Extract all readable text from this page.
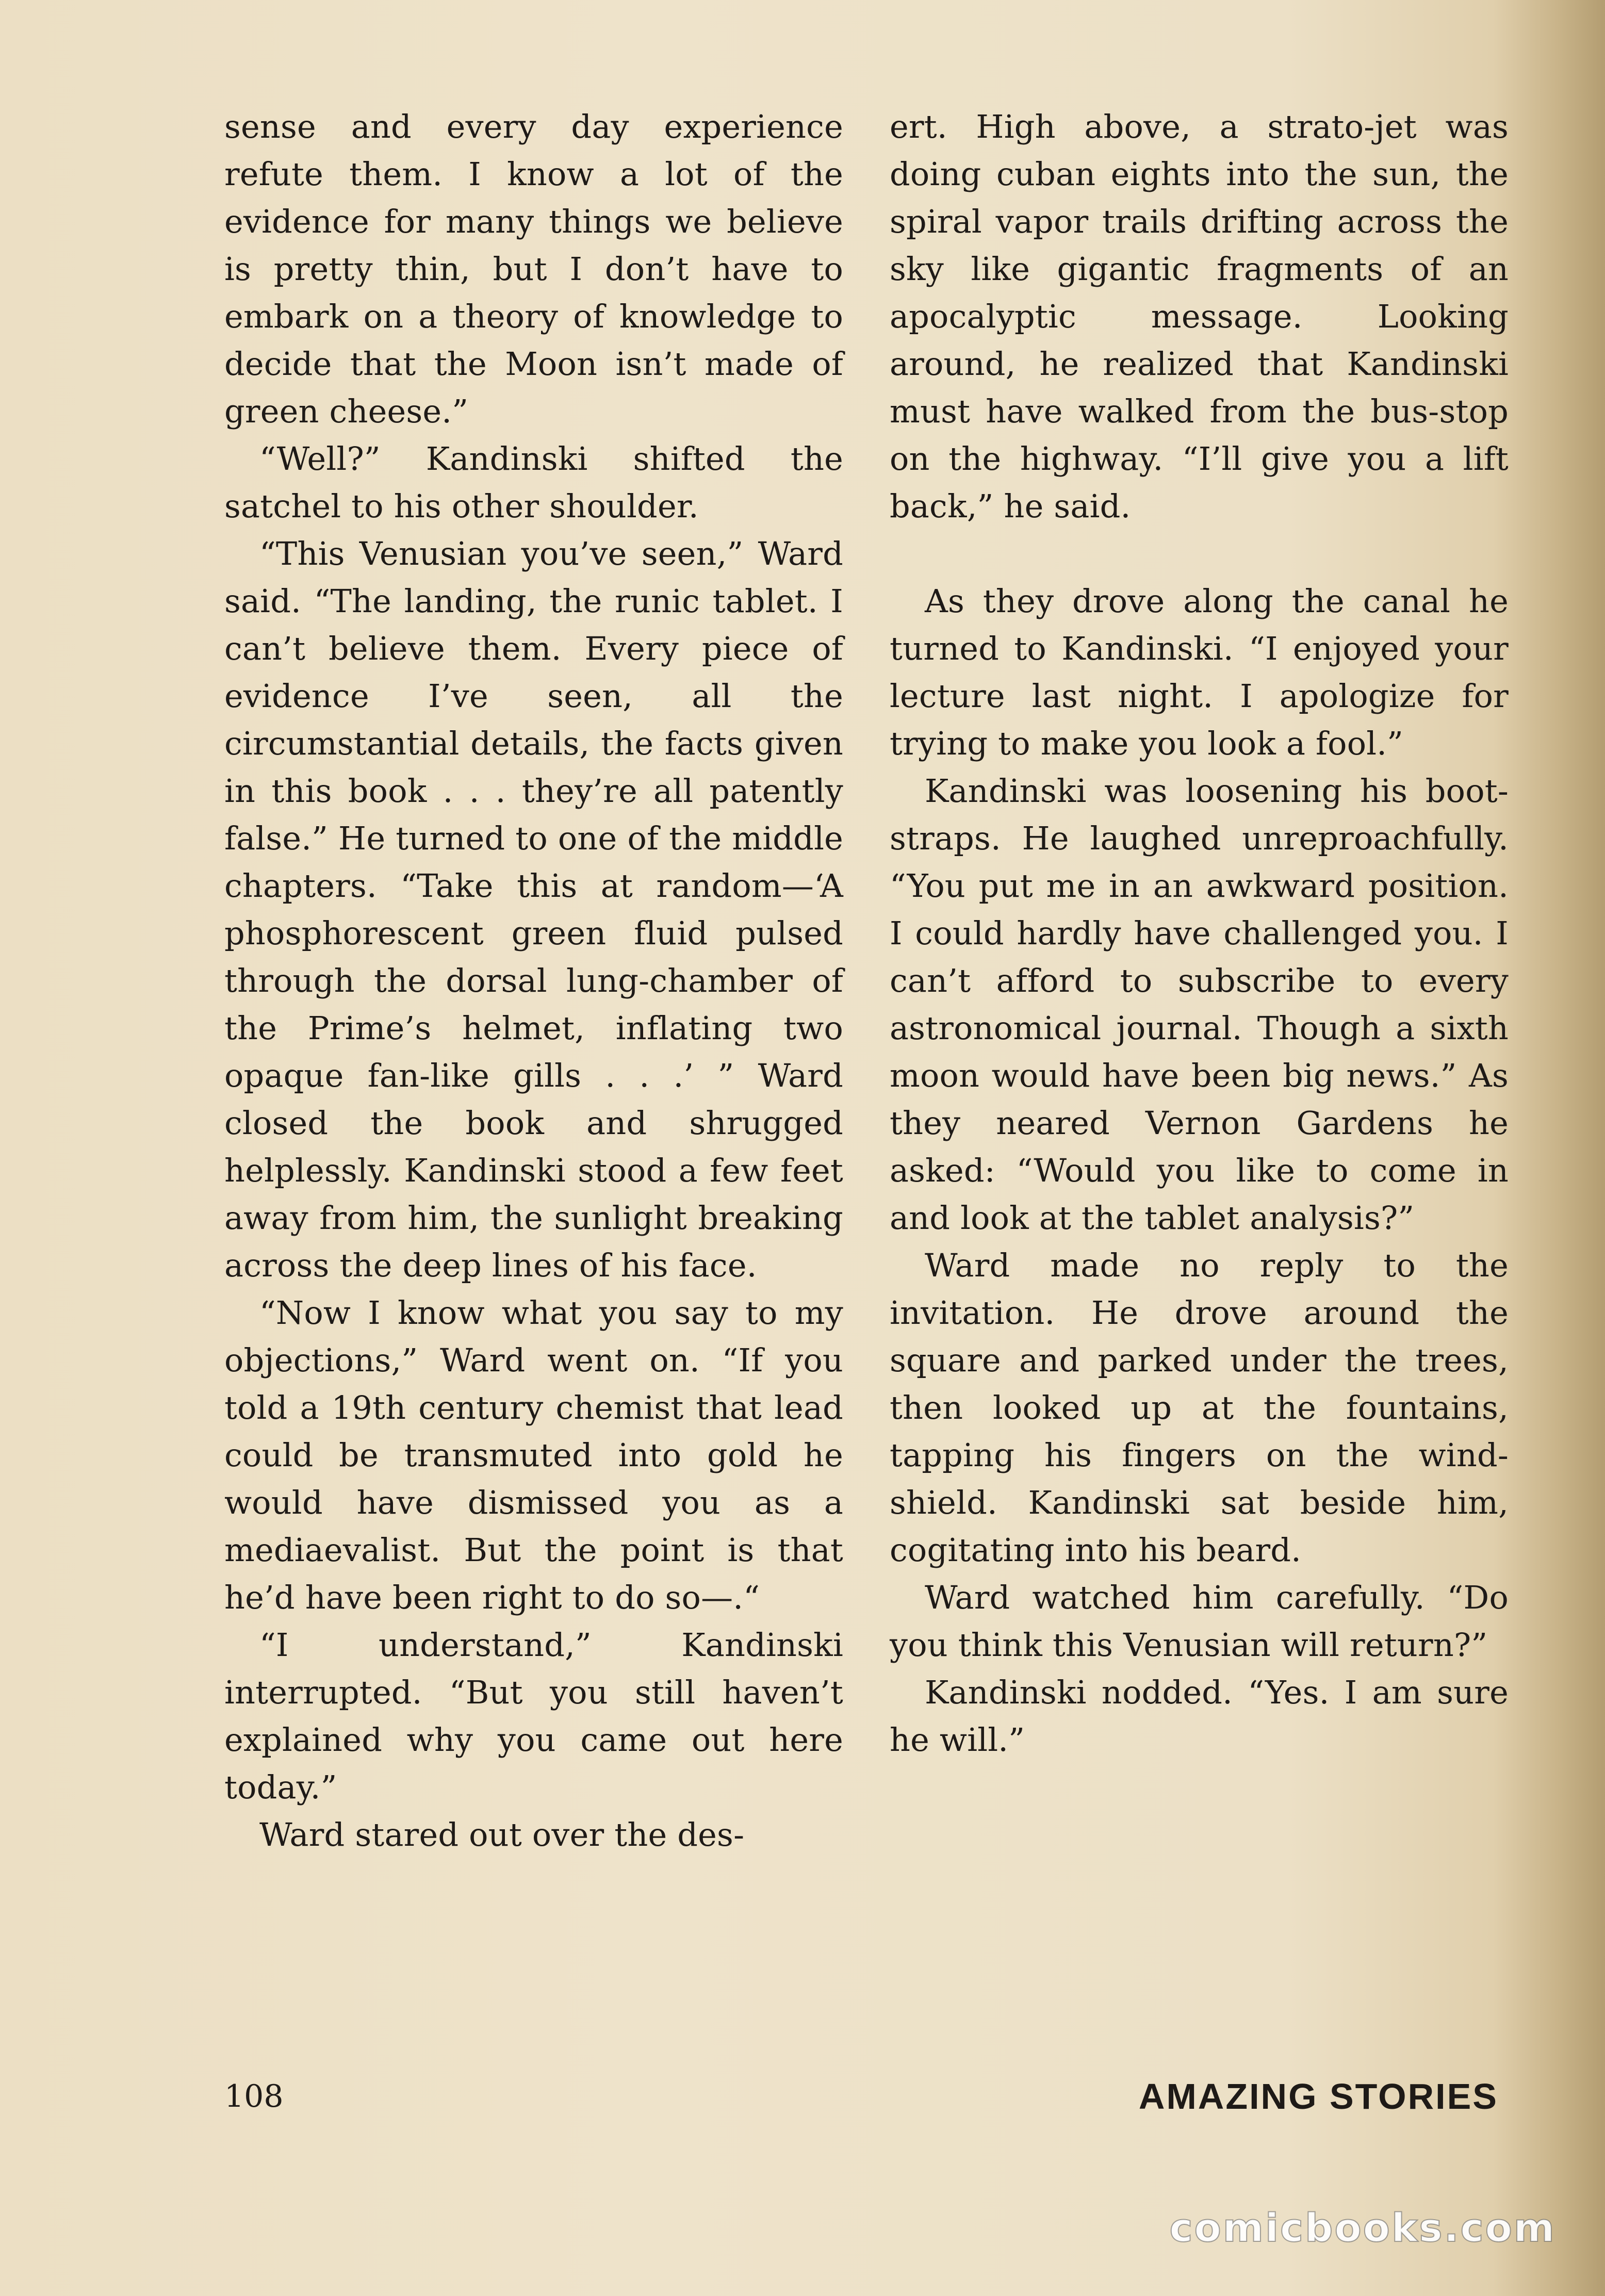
sense and every day experience refute them. I know a lot of the evidence for many things we believe is pretty thin, but I don’t have to embark on a theory of knowledge to decide that the Moon isn’t made of green cheese.”

“Well?” Kandinski shifted the satchel to his other shoulder.

“This Venusian you’ve seen,” Ward said. “The landing, the runic tablet. I can’t believe them. Every piece of evidence I’ve seen, all the circumstantial details, the facts given in this book . . . they’re all patently false.” He turned to one of the middle chapters. “Take this at random—‘A phosphorescent green fluid pulsed through the dorsal lung-chamber of the Prime’s helmet, inflating two opaque fan-like gills . . .’ ” Ward closed the book and shrugged helplessly. Kandinski stood a few feet away from him, the sunlight breaking across the deep lines of his face.

“Now I know what you say to my objections,” Ward went on. “If you told a 19th century chemist that lead could be transmuted into gold he would have dismissed you as a mediaevalist. But the point is that he’d have been right to do so—.“

“I understand,” Kandinski interrupted. “But you still haven’t explained why you came out here today.”

Ward stared out over the des-

ert. High above, a strato-jet was doing cuban eights into the sun, the spiral vapor trails drifting across the sky like gigantic fragments of an apocalyptic message. Looking around, he realized that Kandinski must have walked from the bus-stop on the highway. “I’ll give you a lift back,” he said.

As they drove along the canal he turned to Kandinski. “I enjoyed your lecture last night. I apologize for trying to make you look a fool.”

Kandinski was loosening his boot-straps. He laughed unreproachfully. “You put me in an awkward position. I could hardly have challenged you. I can’t afford to subscribe to every astronomical journal. Though a sixth moon would have been big news.” As they neared Vernon Gardens he asked: “Would you like to come in and look at the tablet analysis?”

Ward made no reply to the invitation. He drove around the square and parked under the trees, then looked up at the fountains, tapping his fingers on the wind-shield. Kandinski sat beside him, cogitating into his beard.

Ward watched him carefully. “Do you think this Venusian will return?”

Kandinski nodded. “Yes. I am sure he will.”

108	AMAZING STORIES
comicbooks.com
